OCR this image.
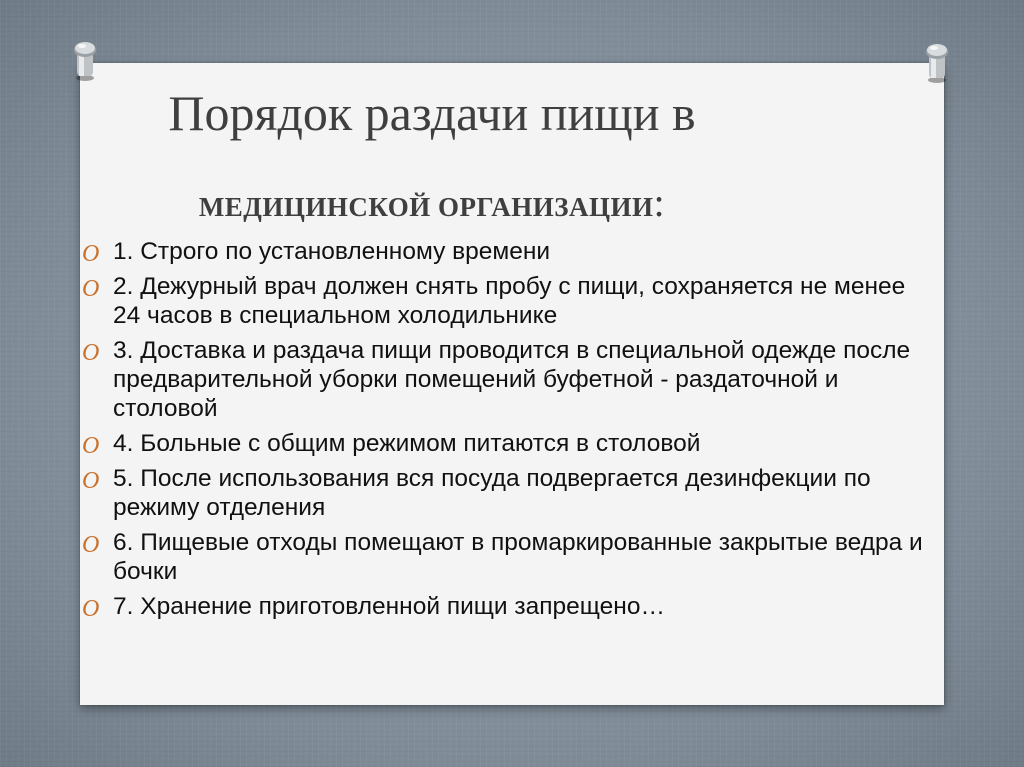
Порядок раздачи пищи в
МЕДИЦИНСКОЙ ОРГАНИЗАЦИИ:
O 1. Строго по установленному времени
O 2. Дежурный врач должен снять пробу с пищи, сохраняется не менее 24 часов в специальном холодильнике
O 3. Доставка и раздача пищи проводится в специальной одежде после предварительной уборки помещений буфетной - раздаточной и столовой
O 4. Больные с общим режимом питаются в столовой
O 5. После использования вся посуда подвергается дезинфекции по режиму отделения
O 6. Пищевые отходы помещают в промаркированные закрытые ведра и бочки
O 7. Хранение приготовленной пищи запрещено…
